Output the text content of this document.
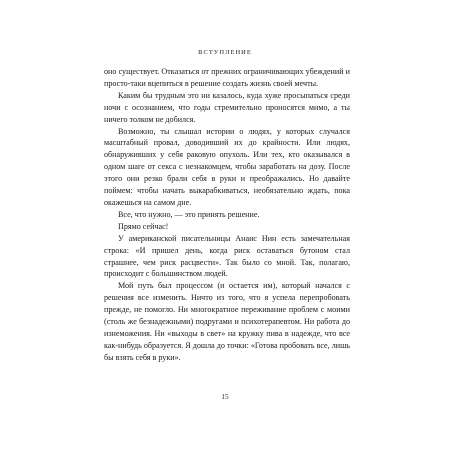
ВСТУПЛЕНИЕ

оно существует. Отказаться от прежних ограничивающих убеждений и просто-таки вцепиться в решение создать жизнь своей мечты.

Каким бы трудным это ни казалось, куда хуже просыпаться среди ночи с осознанием, что годы стремительно проносятся мимо, а ты ничего толком не добился.

Возможно, ты слышал истории о людях, у которых случался масштабный провал, доводивший их до крайности. Или людях, обнаруживших у себя раковую опухоль. Или тех, кто оказывался в одном шаге от секса с незнакомцем, чтобы заработать на дозу. После этого они резко брали себя в руки и преображались. Но давайте поймем: чтобы начать выкарабкиваться, необязательно ждать, пока окажешься на самом дне.

Все, что нужно, — это принять решение.

Прямо сейчас!

У американской писательницы Анаис Нин есть замечательная строка: «И пришел день, когда риск оставаться бутоном стал страшнее, чем риск расцвести». Так было со мной. Так, полагаю, происходит с большинством людей.

Мой путь был процессом (и остается им), который начался с решения все изменить. Ничто из того, что я успела перепробовать прежде, не помогло. Ни многократное переживание проблем с моими (столь же безнадежными) подругами и психотерапевтом. Ни работа до изнеможения. Ни «выходы в свет» на кружку пива в надежде, что все как-нибудь образуется. Я дошла до точки: «Готова пробовать все, лишь бы взять себя в руки».

15
